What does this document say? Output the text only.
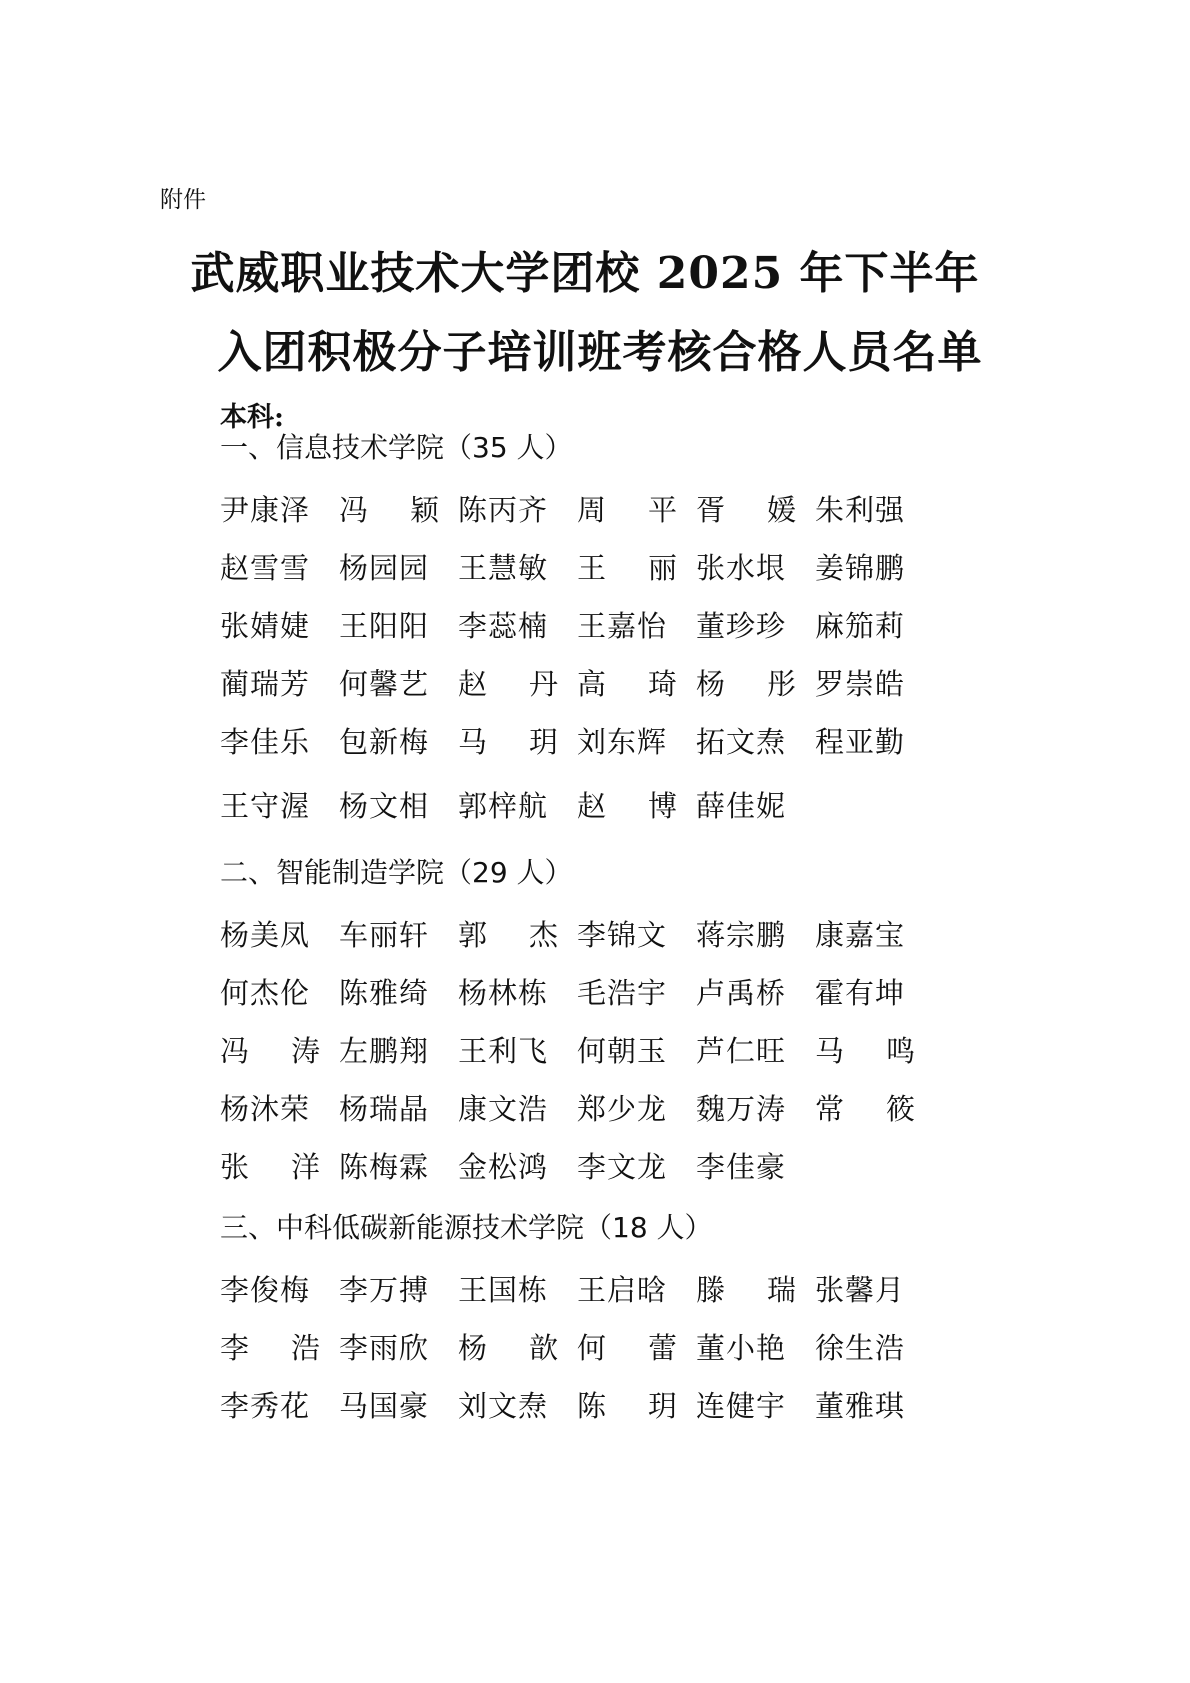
附件
武威职业技术大学团校 2025 年下半年
入团积极分子培训班考核合格人员名单
本科:
一、信息技术学院（35 人）
尹康泽 冯 颖 陈丙齐 周 平 胥 媛 朱利强
赵雪雪 杨园园 王慧敏 王 丽 张水垠 姜锦鹏
张婧婕 王阳阳 李蕊楠 王嘉怡 董珍珍 麻笳莉
蔺瑞芳 何馨艺 赵 丹 高 琦 杨 彤 罗崇皓
李佳乐 包新梅 马 玥 刘东辉 拓文焘 程亚勤
王守渥 杨文相 郭梓航 赵 博 薛佳妮
二、智能制造学院（29 人）
杨美凤 车丽轩 郭 杰 李锦文 蒋宗鹏 康嘉宝
何杰伦 陈雅绮 杨林栋 毛浩宇 卢禹桥 霍有坤
冯 涛 左鹏翔 王利飞 何朝玉 芦仁旺 马 鸣
杨沐荣 杨瑞晶 康文浩 郑少龙 魏万涛 常 筱
张 洋 陈梅霖 金松鸿 李文龙 李佳豪
三、中科低碳新能源技术学院（18 人）
李俊梅 李万搏 王国栋 王启晗 滕 瑞 张馨月
李 浩 李雨欣 杨 歆 何 蕾 董小艳 徐生浩
李秀花 马国豪 刘文焘 陈 玥 连健宇 董雅琪
